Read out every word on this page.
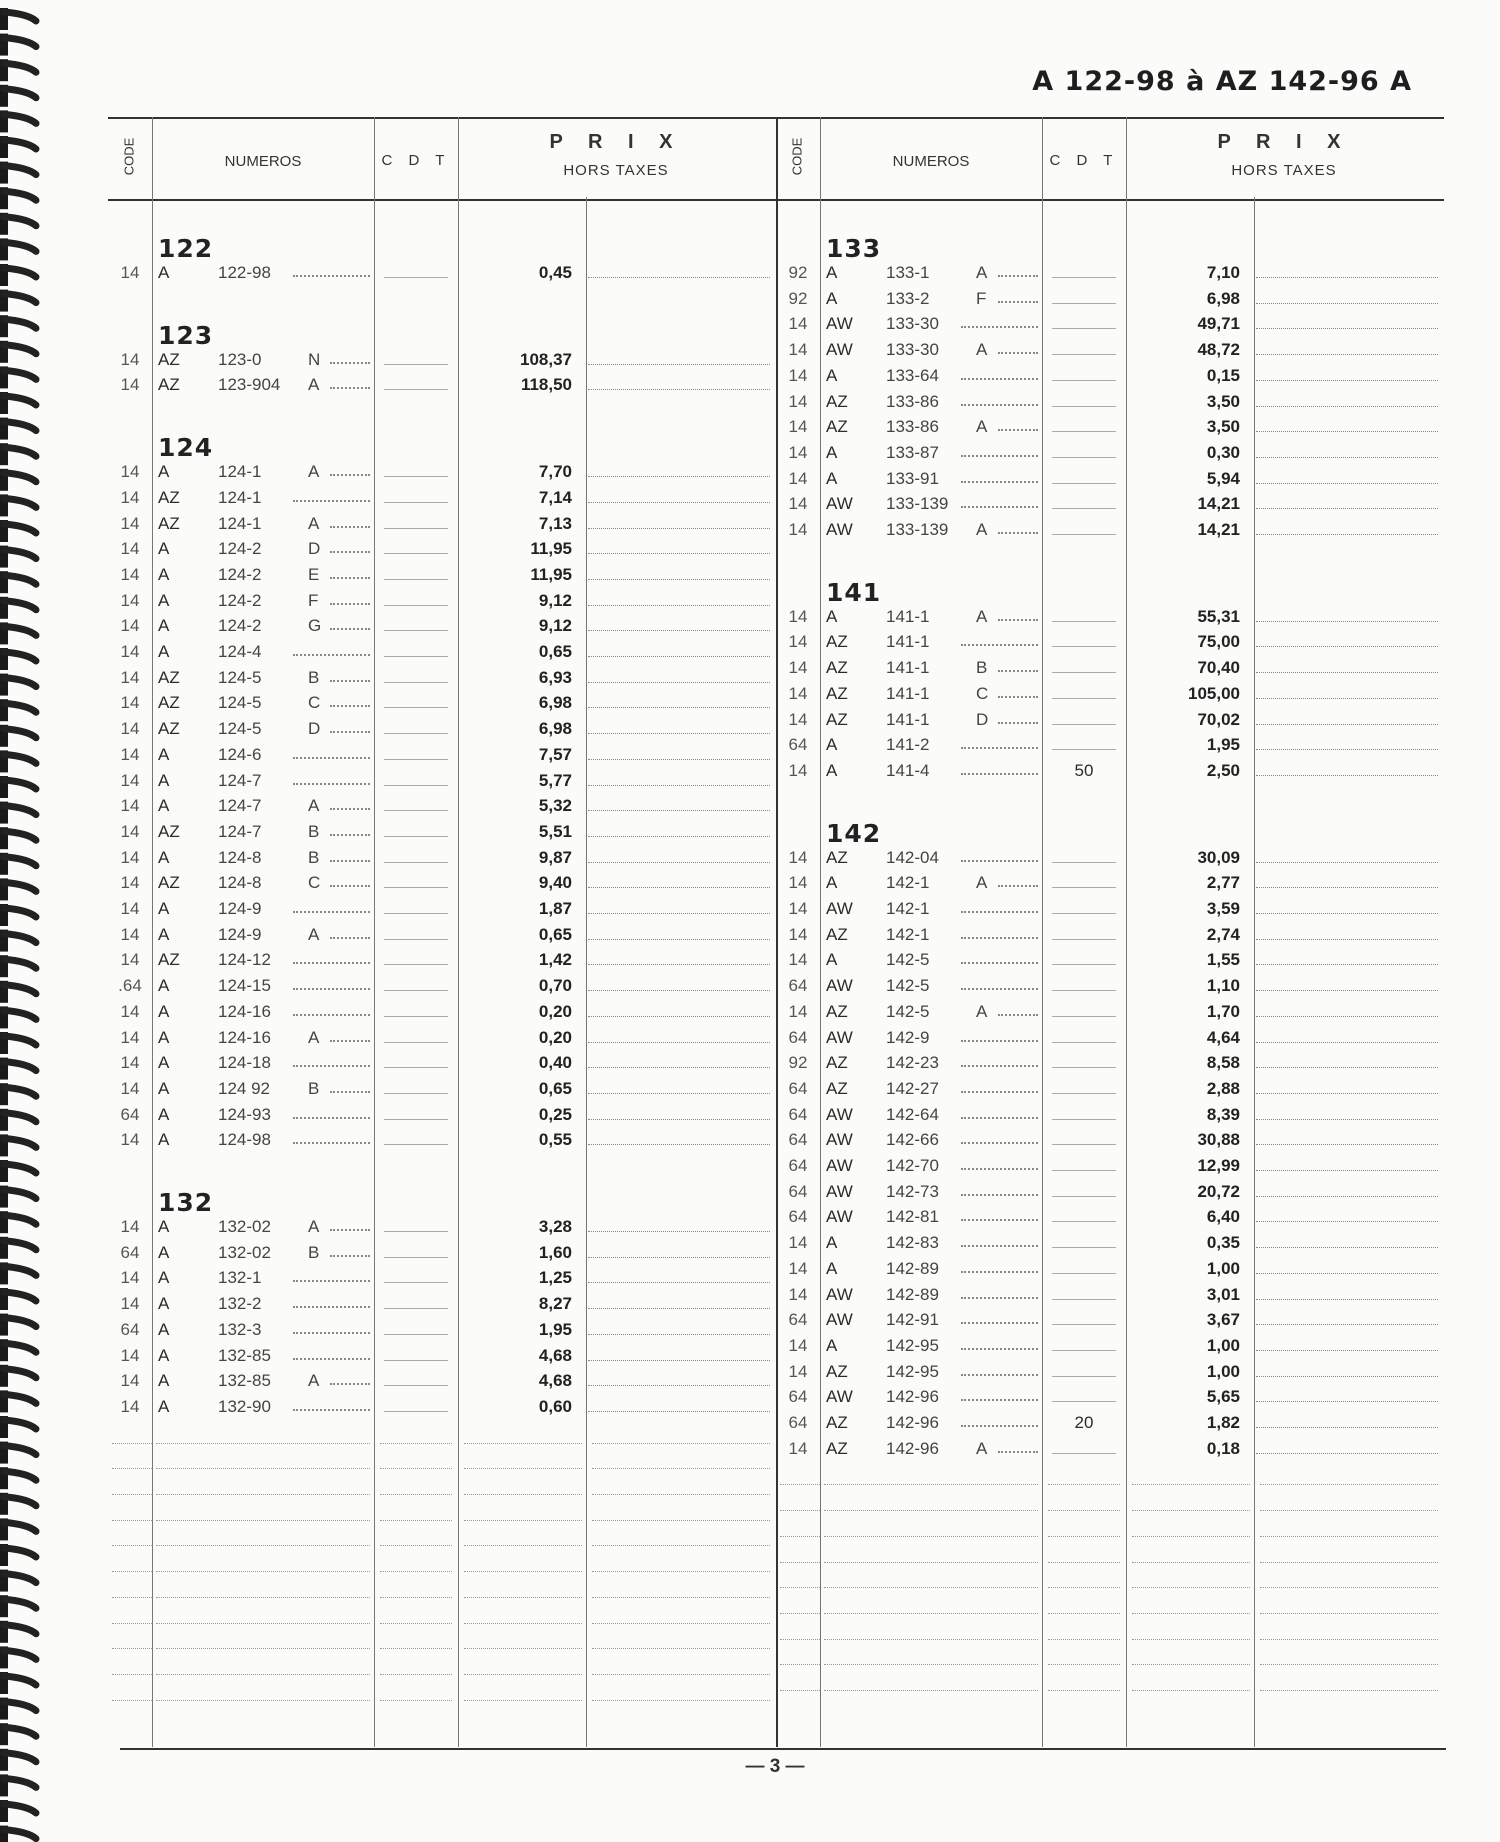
A 122-98 à AZ 142-96 A
CODE	NUMEROS	C D T
P R I X
HORS TAXES
122
14	A	122-98	0,45
123
14	AZ 123-0	N	108,37
14	AZ 123-904 A	118,50
124
14	A	124-1	A	7,70
14	AZ 124-1	7,14
14	AZ 124-1	A	7,13
14	A	124-2	D	11,95
14	A	124-2	E	11,95
14	A	124-2	F	9,12
14	A	124-2	G	9,12
14	A	124-4	0,65
14	AZ 124-5	B	6,93
14	AZ 124-5	C	6,98
14	AZ 124-5	D	6,98
14	A	124-6	7,57
14	A	124-7	5,77
14	A	124-7	A	5,32
14	AZ 124-7	B	5,51
14	A	124-8	B	9,87
14	AZ 124-8	C	9,40
14	A	124-9	1,87
14	A	124-9	A	0,65
14	AZ 124-12	1,42
.64 A	124-15	0,70
14	A	124-16	0,20
14	A	124-16 A	0,20
14	A	124-18	0,40
14	A	124 92 B	0,65
64	A	124-93	0,25
14	A	124-98	0,55
132
14	A	132-02 A	3,28
64	A	132-02 B	1,60
14	A	132-1	1,25
14	A	132-2	8,27
64	A	132-3	1,95
14	A	132-85	4,68
14	A	132-85 A	4,68
14	A	132-90	0,60
CODE	NUMEROS	C D T
P R I X
HORS TAXES
133
92	A	133-1	A	7,10
92	A	133-2	F	6,98
14	AW 133-30	49,71
14	AW 133-30 A	48,72
14	A	133-64	0,15
14	AZ 133-86	3,50
14	AZ 133-86 A	3,50
14	A	133-87	0,30
14	A	133-91	5,94
14	AW 133-139	14,21
14	AW 133-139 A	14,21
141
14	A	141-1	A	55,31
14	AZ 141-1	75,00
14	AZ 141-1	B	70,40
14	AZ 141-1	C	105,00
14	AZ 141-1	D	70,02
64	A	141-2	1,95
14	A	141-4	50	2,50
142
14	AZ 142-04	30,09
14	A	142-1	A	2,77
14	AW 142-1	3,59
14	AZ 142-1	2,74
14	A	142-5	1,55
64	AW 142-5	1,10
14	AZ 142-5	A	1,70
64	AW 142-9	4,64
92	AZ 142-23	8,58
64	AZ 142-27	2,88
64	AW 142-64	8,39
64	AW 142-66	30,88
64	AW 142-70	12,99
64	AW 142-73	20,72
64	AW 142-81	6,40
14	A	142-83	0,35
14	A	142-89	1,00
14	AW 142-89	3,01
64	AW 142-91	3,67
14	A	142-95	1,00
14	AZ 142-95	1,00
64	AW 142-96	5,65
64	AZ 142-96	20	1,82
14	AZ 142-96 A	0,18
— 3 —
